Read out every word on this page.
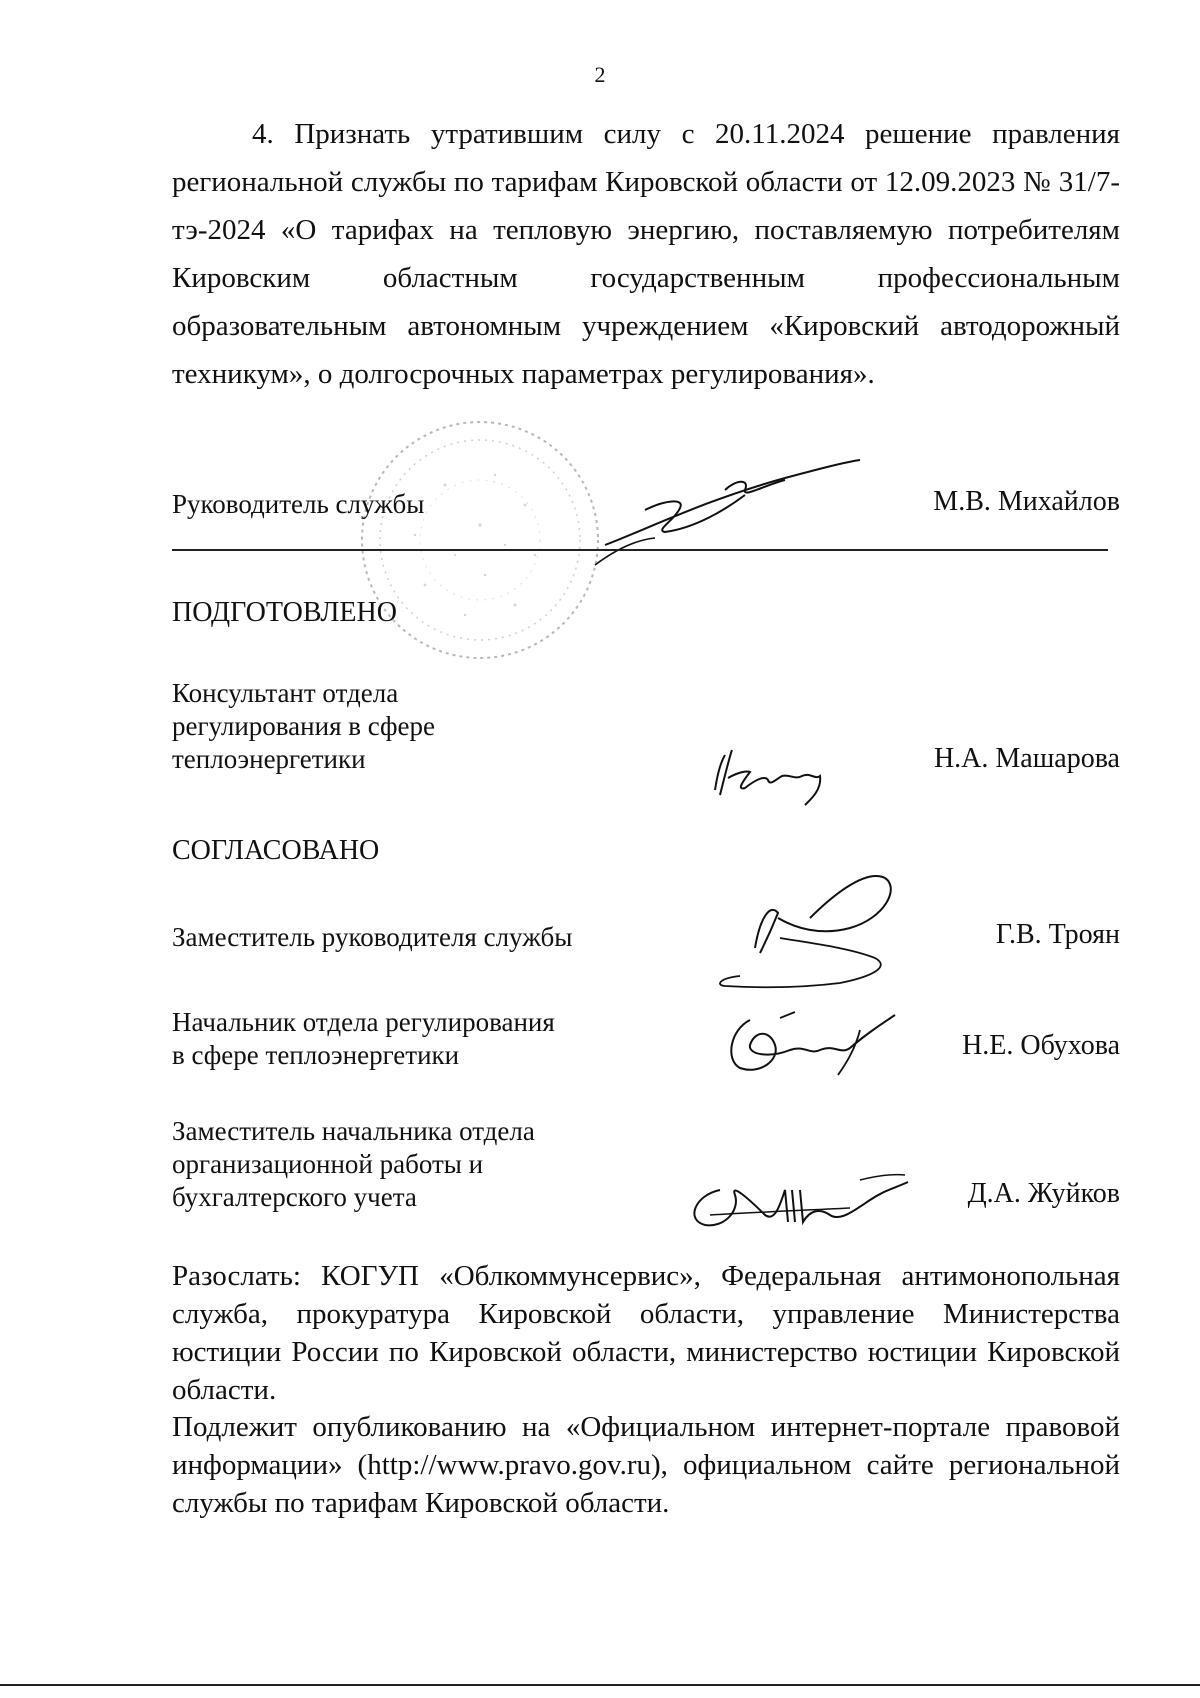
2
4. Признать утратившим силу с 20.11.2024 решение правления региональной службы по тарифам Кировской области от 12.09.2023 № 31/7-тэ-2024 «О тарифах на тепловую энергию, поставляемую потребителям Кировским областным государственным профессиональным образовательным автономным учреждением «Кировский автодорожный техникум», о долгосрочных параметрах регулирования».
Руководитель службы	М.В. Михайлов
ПОДГОТОВЛЕНО
Консультант отдела
регулирования в сфере
теплоэнергетики	Н.А. Машарова
СОГЛАСОВАНО
Заместитель руководителя службы	Г.В. Троян
Начальник отдела регулирования
в сфере теплоэнергетики	Н.Е. Обухова
Заместитель начальника отдела
организационной работы и
бухгалтерского учета	Д.А. Жуйков
Разослать: КОГУП «Облкоммунсервис», Федеральная антимонопольная служба, прокуратура Кировской области, управление Министерства юстиции России по Кировской области, министерство юстиции Кировской области.
Подлежит опубликованию на «Официальном интернет-портале правовой информации» (http://www.pravo.gov.ru), официальном сайте региональной службы по тарифам Кировской области.
